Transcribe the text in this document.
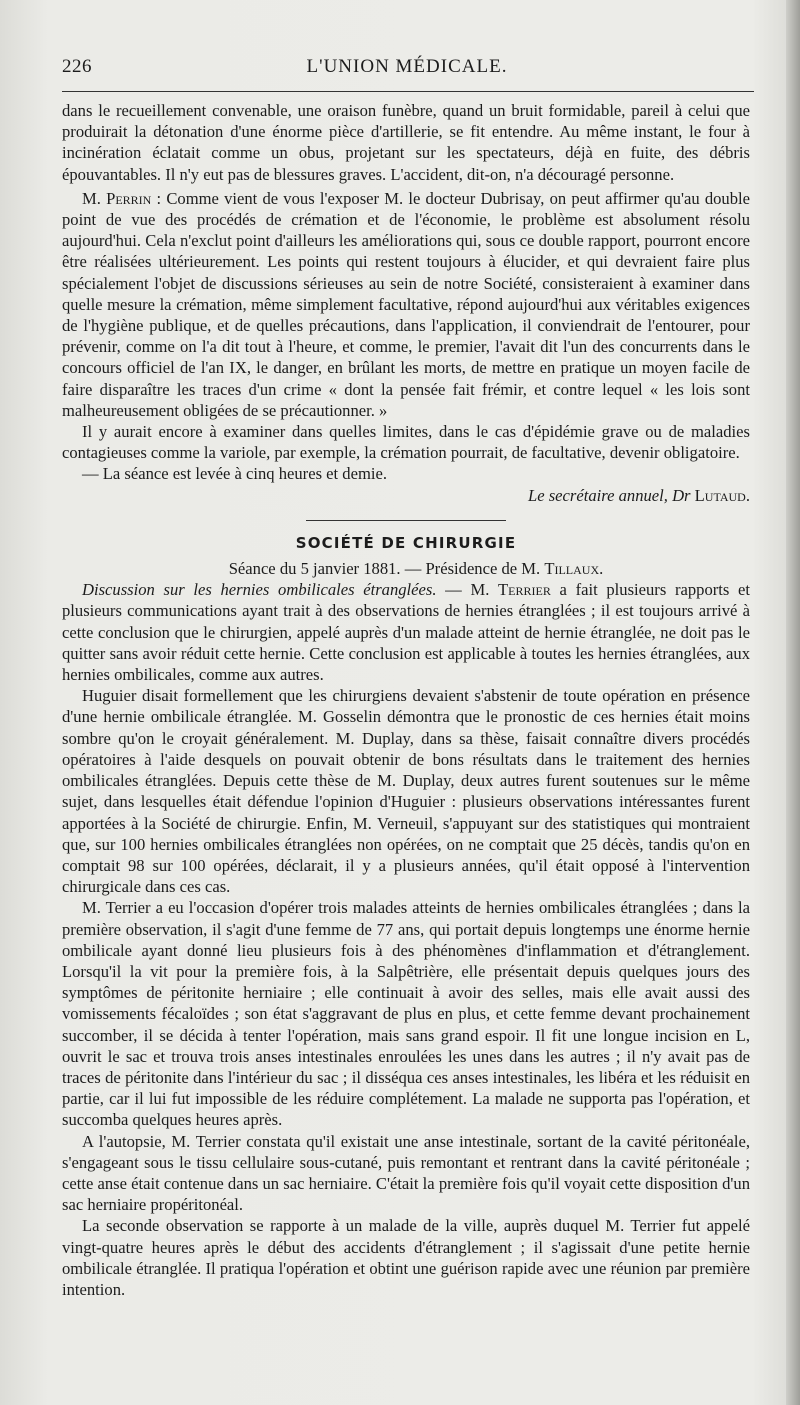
226	L'UNION MÉDICALE.

dans le recueillement convenable, une oraison funèbre, quand un bruit formidable, pareil à celui que produirait la détonation d'une énorme pièce d'artillerie, se fit entendre. Au même instant, le four à incinération éclatait comme un obus, projetant sur les spectateurs, déjà en fuite, des débris épouvantables. Il n'y eut pas de blessures graves. L'accident, dit-on, n'a découragé personne.

M. Perrin : Comme vient de vous l'exposer M. le docteur Dubrisay, on peut affirmer qu'au double point de vue des procédés de crémation et de l'économie, le problème est absolument résolu aujourd'hui. Cela n'exclut point d'ailleurs les améliorations qui, sous ce double rapport, pourront encore être réalisées ultérieurement. Les points qui restent toujours à élucider, et qui devraient faire plus spécialement l'objet de discussions sérieuses au sein de notre Société, consisteraient à examiner dans quelle mesure la crémation, même simplement facultative, répond aujourd'hui aux véritables exigences de l'hygiène publique, et de quelles précautions, dans l'application, il conviendrait de l'entourer, pour prévenir, comme on l'a dit tout à l'heure, et comme, le premier, l'avait dit l'un des concurrents dans le concours officiel de l'an IX, le danger, en brûlant les morts, de mettre en pratique un moyen facile de faire disparaître les traces d'un crime « dont la pensée fait frémir, et contre lequel « les lois sont malheureusement obligées de se précautionner. »

Il y aurait encore à examiner dans quelles limites, dans le cas d'épidémie grave ou de maladies contagieuses comme la variole, par exemple, la crémation pourrait, de facultative, devenir obligatoire.

— La séance est levée à cinq heures et demie.

Le secrétaire annuel, Dr Lutaud.

SOCIÉTÉ DE CHIRURGIE

Séance du 5 janvier 1881. — Présidence de M. Tillaux.

Discussion sur les hernies ombilicales étranglées. — M. Terrier a fait plusieurs rapports et plusieurs communications ayant trait à des observations de hernies étranglées ; il est toujours arrivé à cette conclusion que le chirurgien, appelé auprès d'un malade atteint de hernie étranglée, ne doit pas le quitter sans avoir réduit cette hernie. Cette conclusion est applicable à toutes les hernies étranglées, aux hernies ombilicales, comme aux autres.

Huguier disait formellement que les chirurgiens devaient s'abstenir de toute opération en présence d'une hernie ombilicale étranglée. M. Gosselin démontra que le pronostic de ces hernies était moins sombre qu'on le croyait généralement. M. Duplay, dans sa thèse, faisait connaître divers procédés opératoires à l'aide desquels on pouvait obtenir de bons résultats dans le traitement des hernies ombilicales étranglées. Depuis cette thèse de M. Duplay, deux autres furent soutenues sur le même sujet, dans lesquelles était défendue l'opinion d'Huguier : plusieurs observations intéressantes furent apportées à la Société de chirurgie. Enfin, M. Verneuil, s'appuyant sur des statistiques qui montraient que, sur 100 hernies ombilicales étranglées non opérées, on ne comptait que 25 décès, tandis qu'on en comptait 98 sur 100 opérées, déclarait, il y a plusieurs années, qu'il était opposé à l'intervention chirurgicale dans ces cas.

M. Terrier a eu l'occasion d'opérer trois malades atteints de hernies ombilicales étranglées ; dans la première observation, il s'agit d'une femme de 77 ans, qui portait depuis longtemps une énorme hernie ombilicale ayant donné lieu plusieurs fois à des phénomènes d'inflammation et d'étranglement. Lorsqu'il la vit pour la première fois, à la Salpêtrière, elle présentait depuis quelques jours des symptômes de péritonite herniaire ; elle continuait à avoir des selles, mais elle avait aussi des vomissements fécaloïdes ; son état s'aggravant de plus en plus, et cette femme devant prochainement succomber, il se décida à tenter l'opération, mais sans grand espoir. Il fit une longue incision en L, ouvrit le sac et trouva trois anses intestinales enroulées les unes dans les autres ; il n'y avait pas de traces de péritonite dans l'intérieur du sac ; il disséqua ces anses intestinales, les libéra et les réduisit en partie, car il lui fut impossible de les réduire complétement. La malade ne supporta pas l'opération, et succomba quelques heures après.

A l'autopsie, M. Terrier constata qu'il existait une anse intestinale, sortant de la cavité péritonéale, s'engageant sous le tissu cellulaire sous-cutané, puis remontant et rentrant dans la cavité péritonéale ; cette anse était contenue dans un sac herniaire. C'était la première fois qu'il voyait cette disposition d'un sac herniaire propéritonéal.

La seconde observation se rapporte à un malade de la ville, auprès duquel M. Terrier fut appelé vingt-quatre heures après le début des accidents d'étranglement ; il s'agissait d'une petite hernie ombilicale étranglée. Il pratiqua l'opération et obtint une guérison rapide avec une réunion par première intention.
